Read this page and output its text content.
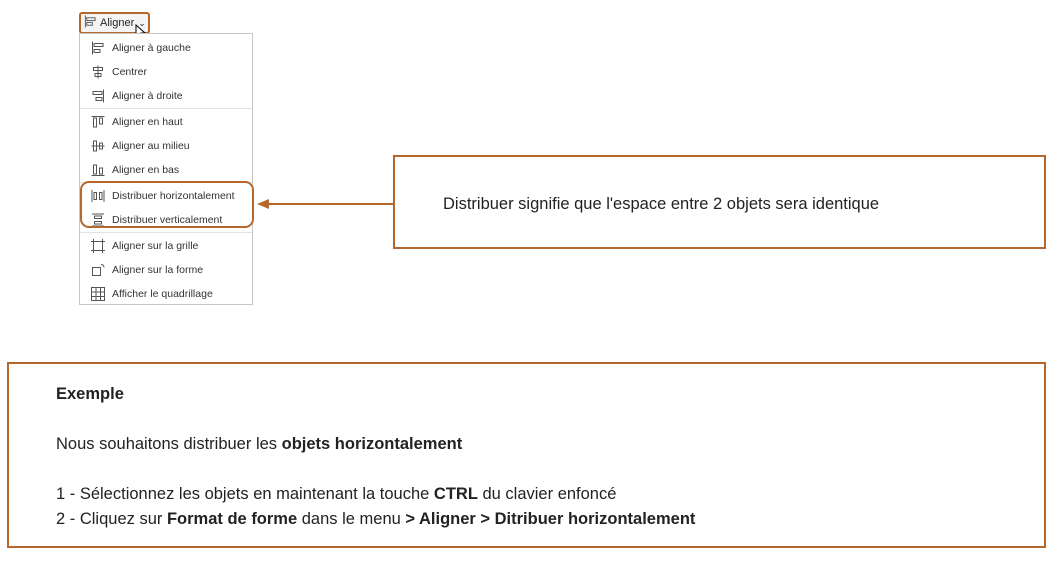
Aligner ⌄
Aligner à gauche
Centrer
Aligner à droite
Aligner en haut
Aligner au milieu
Aligner en bas
Distribuer horizontalement
Distribuer verticalement
Aligner sur la grille
Aligner sur la forme
Afficher le quadrillage
Distribuer signifie que l'espace entre 2 objets sera identique
Exemple
Nous souhaitons distribuer les objets horizontalement
1 - Sélectionnez les objets en maintenant la touche CTRL du clavier enfoncé
2 - Cliquez sur Format de forme dans le menu > Aligner > Ditribuer horizontalement
